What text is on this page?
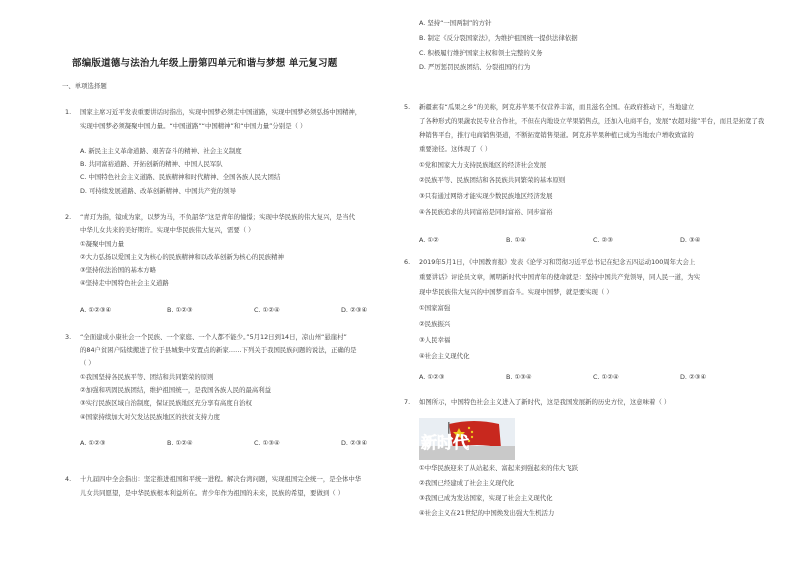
部编版道德与法治九年级上册第四单元和谐与梦想 单元复习题
一、单项选择题
1. 国家主席习近平发表重要讲话时指出，实现中国梦必须走中国道路，实现中国梦必须弘扬中国精神，
实现中国梦必须凝聚中国力量。“中国道路”“中国精神”和“中国力量”分别是（ ）
A. 新民主主义革命道路、艰苦奋斗的精神、社会主义制度
B. 共同富裕道路、开拓创新的精神、中国人民军队
C. 中国特色社会主义道路、民族精神和时代精神、全国各族人民大团结
D. 可持续发展道路、改革创新精神、中国共产党的领导
2. “青玎为指，镜成为家，以梦为马，不负韶华”这是青年的憧憬；实现中华民族的伟大复兴，是当代
中华儿女共来的美好期许。实现中华民族伟大复兴，需要（ ）
①凝聚中国力量
②大力弘扬以爱国主义为核心的民族精神和以改革创新为核心的民族精神
③坚持依法治国的基本方略
④坚持走中国特色社会主义道路
A. ①②③④	B. ①②③	C. ①②④	D. ②③④
3. “全面建成小康社会一个民族、一个家庭、一个人都不能少。”5月12日到14日，凉山州“悬崖村”
的84户贫困户陆续搬进了位于县城集中安置点的新家……下列关于我国民族问题的说法，正确的是
（ ）
①我国坚持各民族平等、团结和共同繁荣的原则
②加强和巩固民族团结，维护祖国统一，是我国各族人民的最高利益
③实行民族区域自治制度，保证民族地区充分享有高度自治权
④国家持续加大对欠发达民族地区的扶贫支持力度
A. ①②③	B. ①②④	C. ①③④	D. ②③④
4. 十九届四中全会指出：坚定推进祖国和平统一进程。解决台湾问题，实现祖国完全统一，是全体中华
儿女共同愿望，是中华民族根本利益所在。青少年作为祖国的未来，民族的希望，要做到（ ）
A. 坚持“一国两制”的方针
B. 制定《反分裂国家法》，为维护祖国统一提供法律依据
C. 积极履行维护国家主权和领土完整的义务
D. 严厉惩罚民族团结、分裂祖国的行为
5. 新疆素有“瓜果之乡”的美称，阿克苏苹果不仅营养丰富，而且滋名全国。在政府推动下，当地建立
了各种形式的果蔬农民专业合作社，不但在内地设立苹果销售点，还加入电商平台，发展“农超对接”平台，而且是拓宽了我
种销售平台，推行电商销售渠道，不断拓宽销售渠道。阿克苏苹果种植已成为当地农户增收致富的
重要途径。这体现了（ ）
①党和国家大力支持民族地区的经济社会发展
②民族平等、民族团结和各民族共同繁荣的基本原则
③只有通过网络才能实现少数民族地区经济发展
④各民族追求的共同富裕是同时富裕、同步富裕
A. ①②	B. ①④	C. ②③	D. ③④
6. 2019年5月1日，《中国教育报》发表《论学习和贯彻习近平总书记在纪念五四运动100周年大会上
重要讲话》评论员文章，阐明新时代中国青年的使命就是：坚持中国共产党领导，同人民一道，为实
现中华民族伟大复兴的中国梦而奋斗。实现中国梦，就是要实现（ ）
①国家富强
②民族振兴
③人民幸福
④社会主义现代化
A. ①②③	B. ①③④	C. ①②④	D. ②③④
7. 如图所示，中国特色社会主义进入了新时代，这是我国发展新的历史方位，这意味着（ ）
新时代
①中华民族迎来了从站起来、富起来到强起来的伟大飞跃
②我国已经建成了社会主义现代化
③我国已成为发达国家，实现了社会主义现代化
④社会主义在21世纪的中国焕发出强大生机活力
